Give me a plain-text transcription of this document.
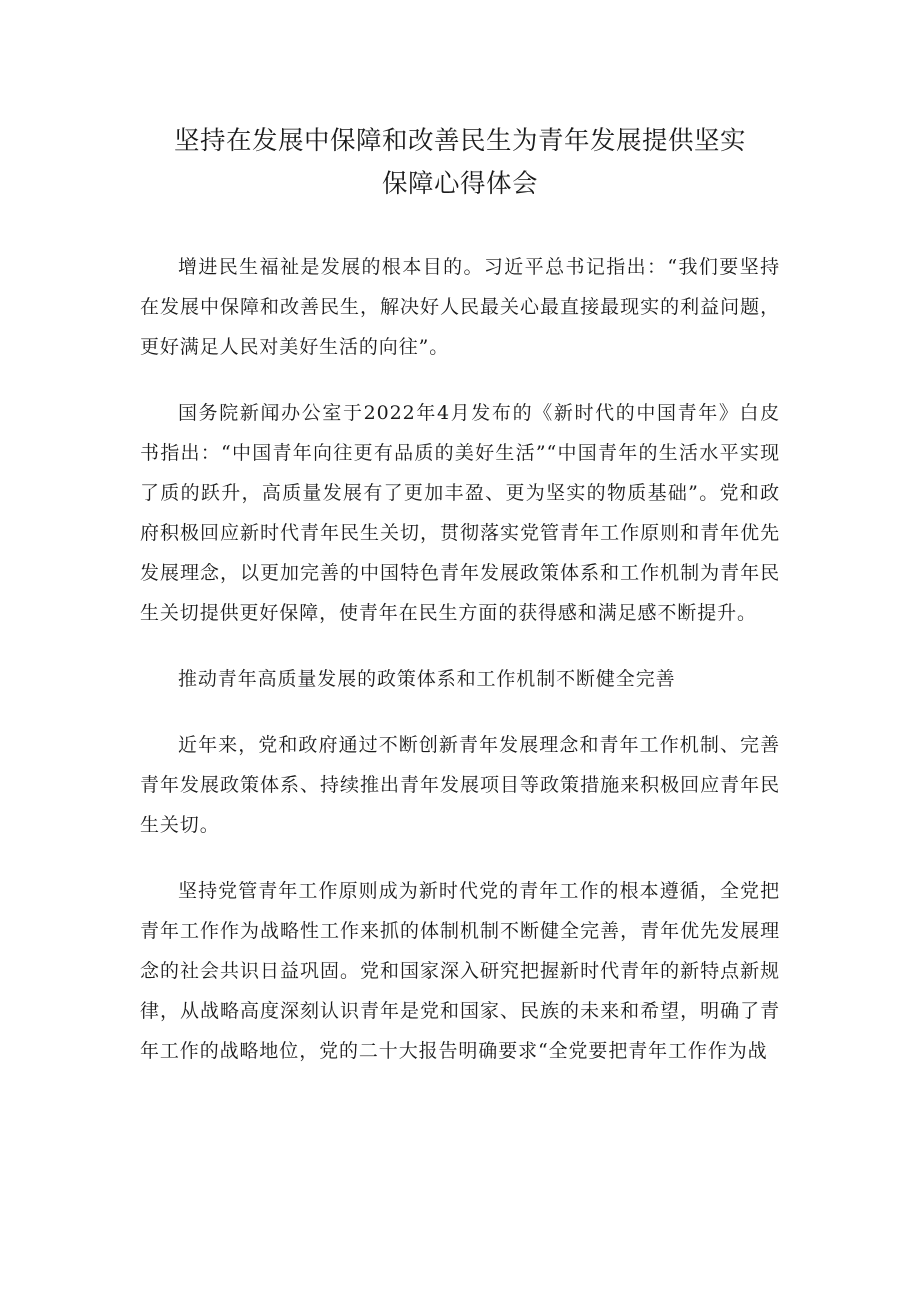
坚持在发展中保障和改善民生为青年发展提供坚实
保障心得体会

增进民生福祉是发展的根本目的。习近平总书记指出：“我们要坚持在发展中保障和改善民生，解决好人民最关心最直接最现实的利益问题，更好满足人民对美好生活的向往”。

国务院新闻办公室于2022年4月发布的《新时代的中国青年》白皮书指出：“中国青年向往更有品质的美好生活”“中国青年的生活水平实现了质的跃升，高质量发展有了更加丰盈、更为坚实的物质基础”。党和政府积极回应新时代青年民生关切，贯彻落实党管青年工作原则和青年优先发展理念，以更加完善的中国特色青年发展政策体系和工作机制为青年民生关切提供更好保障，使青年在民生方面的获得感和满足感不断提升。

推动青年高质量发展的政策体系和工作机制不断健全完善

近年来，党和政府通过不断创新青年发展理念和青年工作机制、完善青年发展政策体系、持续推出青年发展项目等政策措施来积极回应青年民生关切。

坚持党管青年工作原则成为新时代党的青年工作的根本遵循，全党把青年工作作为战略性工作来抓的体制机制不断健全完善，青年优先发展理念的社会共识日益巩固。党和国家深入研究把握新时代青年的新特点新规律，从战略高度深刻认识青年是党和国家、民族的未来和希望，明确了青年工作的战略地位，党的二十大报告明确要求“全党要把青年工作作为战
